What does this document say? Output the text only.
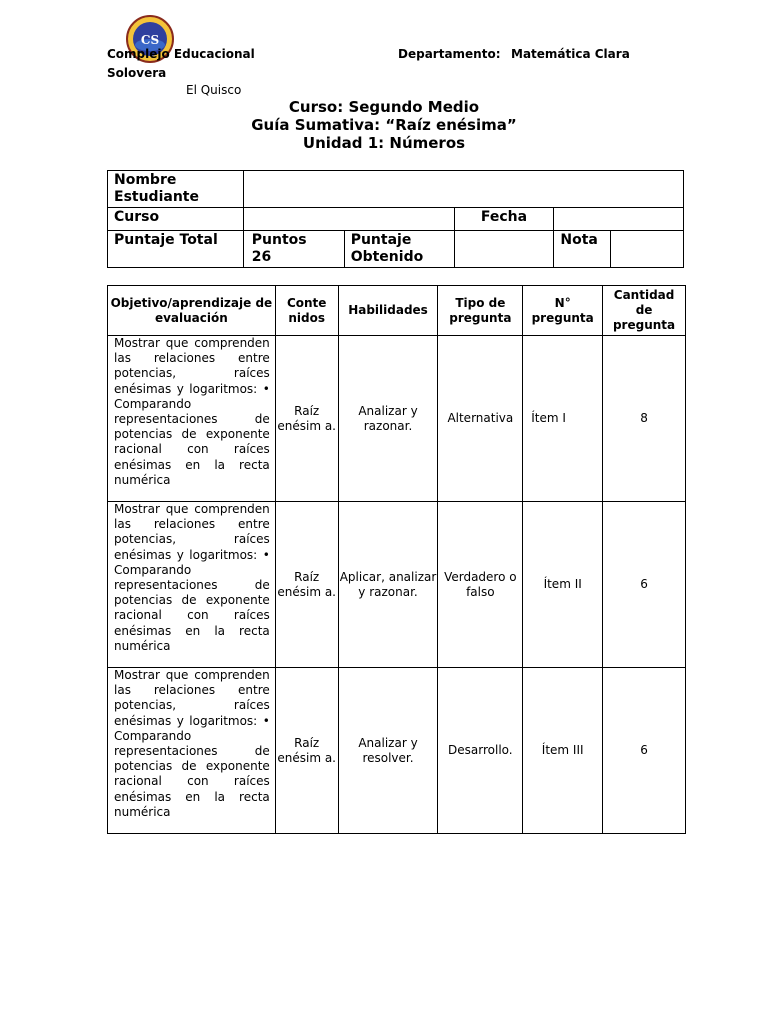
CS
Complejo Educacional
Solovera
El Quisco
Departamento: Matemática Clara
Curso: Segundo Medio
Guía Sumativa: “Raíz enésima”
Unidad 1: Números
Nombre Estudiante					
Curso			Fecha		
Puntaje Total	Puntos 26	Puntaje Obtenido		Nota	
Objetivo/aprendizaje de evaluación	Conte nidos	Habilidades	Tipo de pregunta	N° pregunta	Cantidad de pregunta
Mostrar que comprenden las relaciones entre potencias, raíces enésimas y logaritmos: • Comparando representaciones de potencias de exponente racional con raíces enésimas en la recta numérica	Raíz enésim a.	Analizar y razonar.	Alternativa	Ítem I	8
Mostrar que comprenden las relaciones entre potencias, raíces enésimas y logaritmos: • Comparando representaciones de potencias de exponente racional con raíces enésimas en la recta numérica	Raíz enésim a.	Aplicar, analizar y razonar.	Verdadero o falso	Ítem II	6
Mostrar que comprenden las relaciones entre potencias, raíces enésimas y logaritmos: • Comparando representaciones de potencias de exponente racional con raíces enésimas en la recta numérica	Raíz enésim a.	Analizar y resolver.	Desarrollo.	Ítem III	6
